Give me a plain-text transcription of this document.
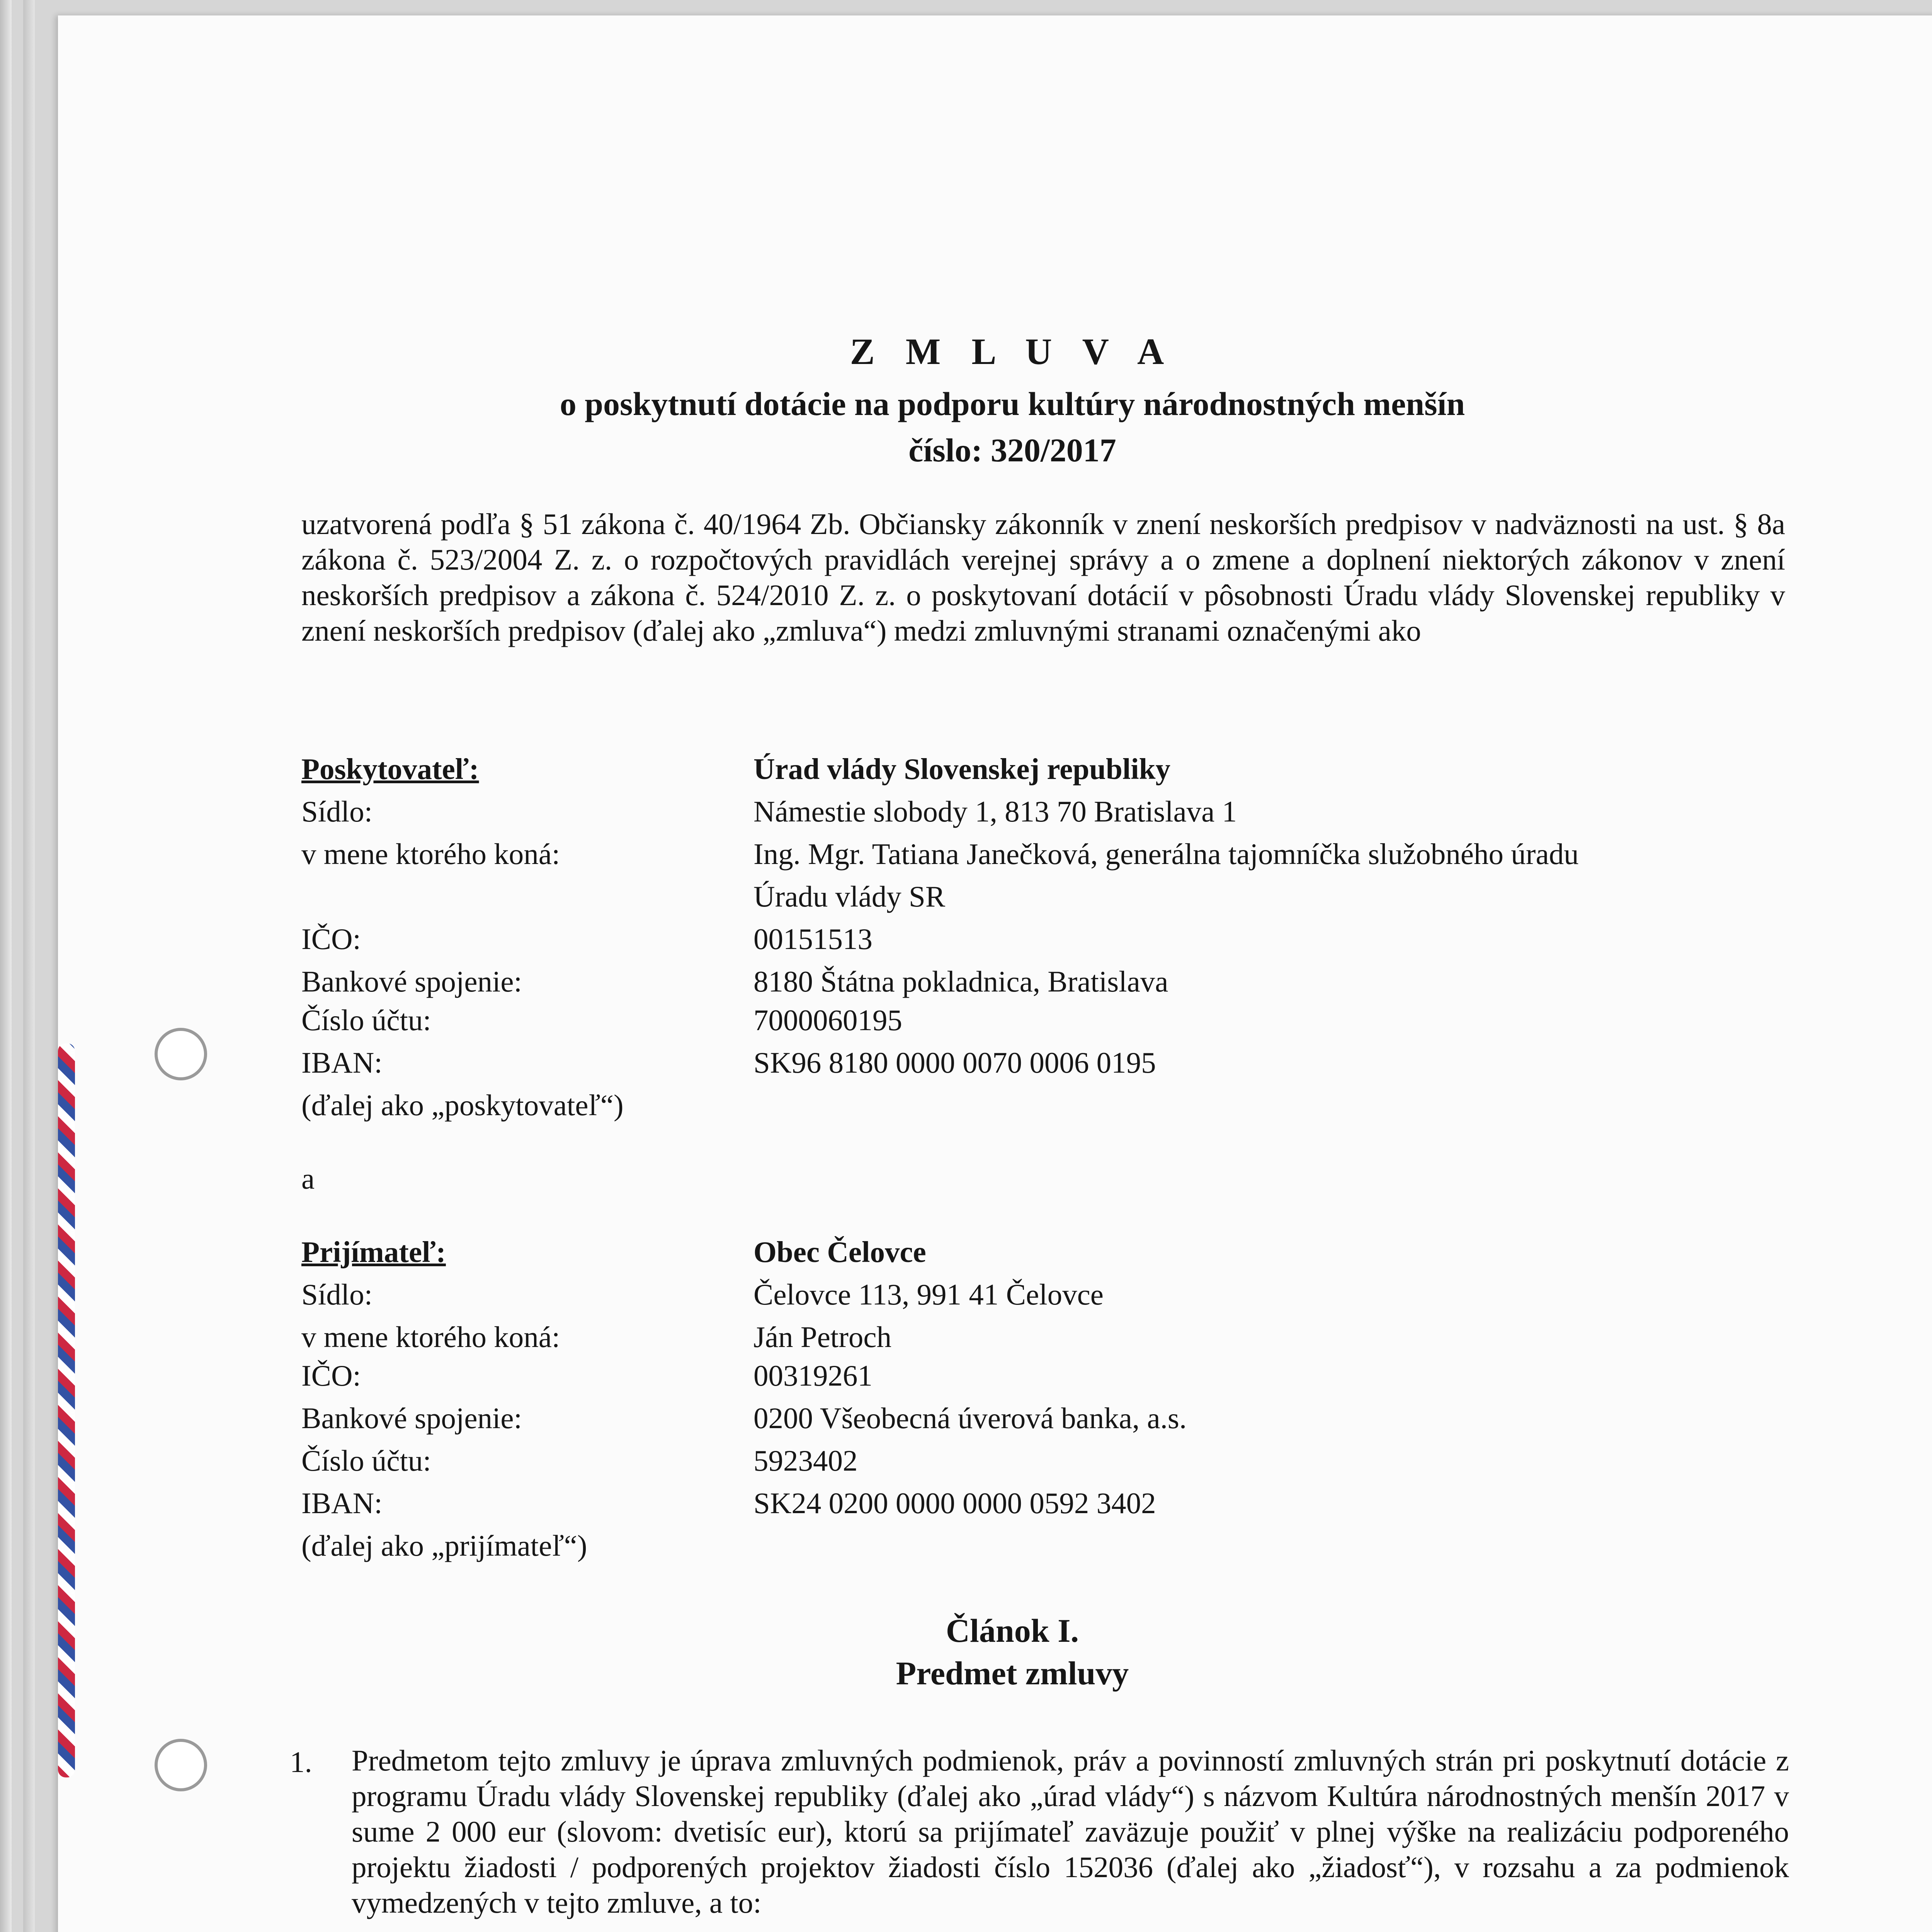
Z M L U V A
o poskytnutí dotácie na podporu kultúry národnostných menšín
číslo: 320/2017
uzatvorená podľa § 51 zákona č. 40/1964 Zb. Občiansky zákonník v znení neskorších predpisov v nadväznosti na ust. § 8a zákona č. 523/2004 Z. z. o rozpočtových pravidlách verejnej správy a o zmene a doplnení niektorých zákonov v znení neskorších predpisov a zákona č. 524/2010 Z. z. o poskytovaní dotácií v pôsobnosti Úradu vlády Slovenskej republiky v znení neskorších predpisov (ďalej ako „zmluva“) medzi zmluvnými stranami označenými ako
Poskytovateľ:	Úrad vlády Slovenskej republiky
Sídlo:	Námestie slobody 1, 813 70 Bratislava 1
v mene ktorého koná:	Ing. Mgr. Tatiana Janečková, generálna tajomníčka služobného úradu
Úradu vlády SR
IČO:	00151513
Bankové spojenie:	8180 Štátna pokladnica, Bratislava
Číslo účtu:	7000060195
IBAN:	SK96 8180 0000 0070 0006 0195
(ďalej ako „poskytovateľ“)
a
Prijímateľ:	Obec Čelovce
Sídlo:	Čelovce 113, 991 41 Čelovce
v mene ktorého koná:	Ján Petroch
IČO:	00319261
Bankové spojenie:	0200 Všeobecná úverová banka, a.s.
Číslo účtu:	5923402
IBAN:	SK24 0200 0000 0000 0592 3402
(ďalej ako „prijímateľ“)
Článok I.
Predmet zmluvy
1. Predmetom tejto zmluvy je úprava zmluvných podmienok, práv a povinností zmluvných strán pri poskytnutí dotácie z programu Úradu vlády Slovenskej republiky (ďalej ako „úrad vlády“) s názvom Kultúra národnostných menšín 2017 v sume 2 000 eur (slovom: dvetisíc eur), ktorú sa prijímateľ zaväzuje použiť v plnej výške na realizáciu podporeného projektu žiadosti / podporených projektov žiadosti číslo 152036 (ďalej ako „žiadosť“), v rozsahu a za podmienok vymedzených v tejto zmluve, a to:
